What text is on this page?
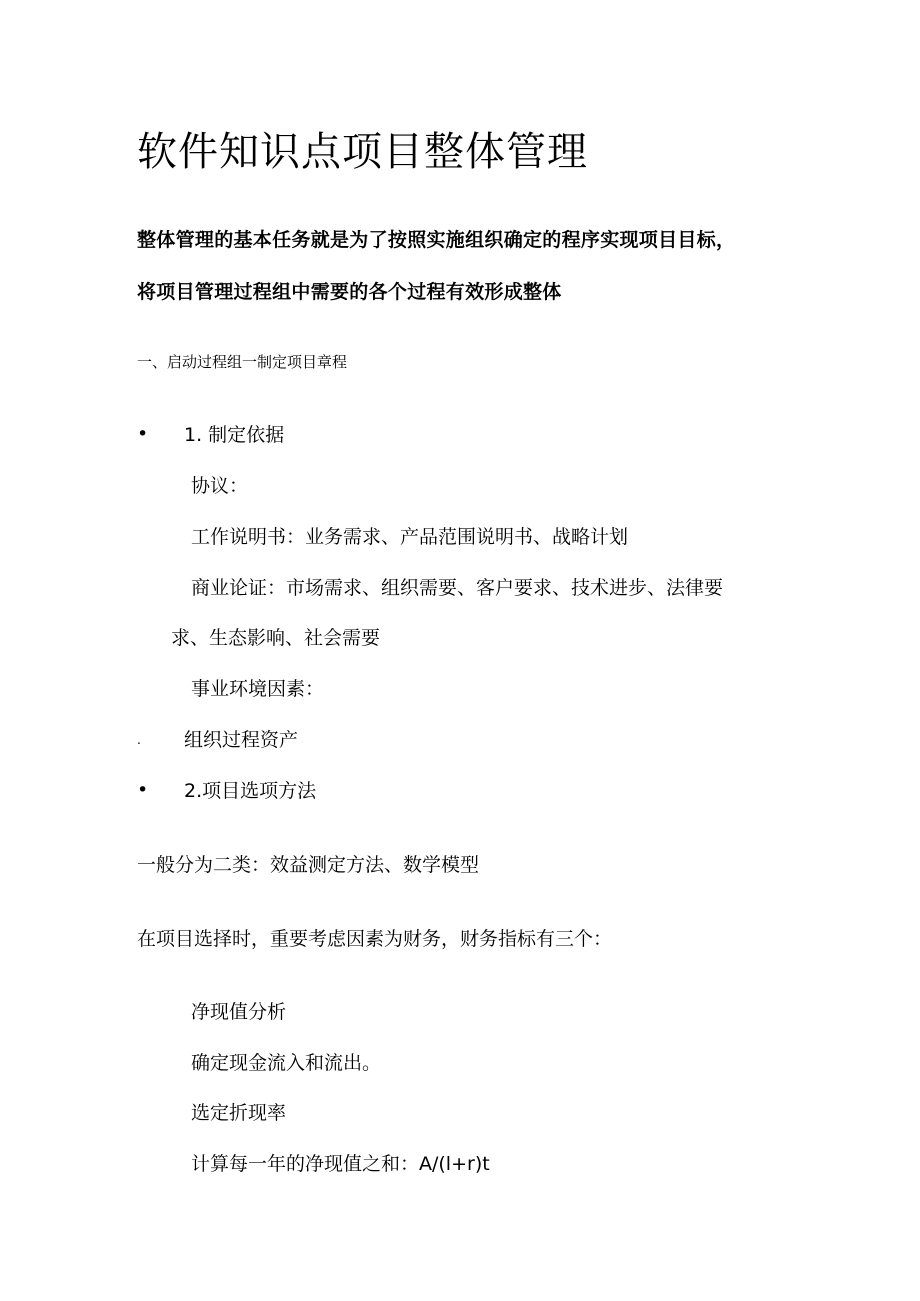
软件知识点项目整体管理
整体管理的基本任务就是为了按照实施组织确定的程序实现项目目标，
将项目管理过程组中需要的各个过程有效形成整体
一、启动过程组一制定项目章程
• 1. 制定依据
协议：
工作说明书：业务需求、产品范围说明书、战略计划
商业论证：市场需求、组织需要、客户要求、技术进步、法律要
求、生态影响、社会需要
事业环境因素：
. 组织过程资产
• 2.项目选项方法
一般分为二类：效益测定方法、数学模型
在项目选择时，重要考虑因素为财务，财务指标有三个：
净现值分析
确定现金流入和流出。
选定折现率
计算每一年的净现值之和：A/(l+r)t
